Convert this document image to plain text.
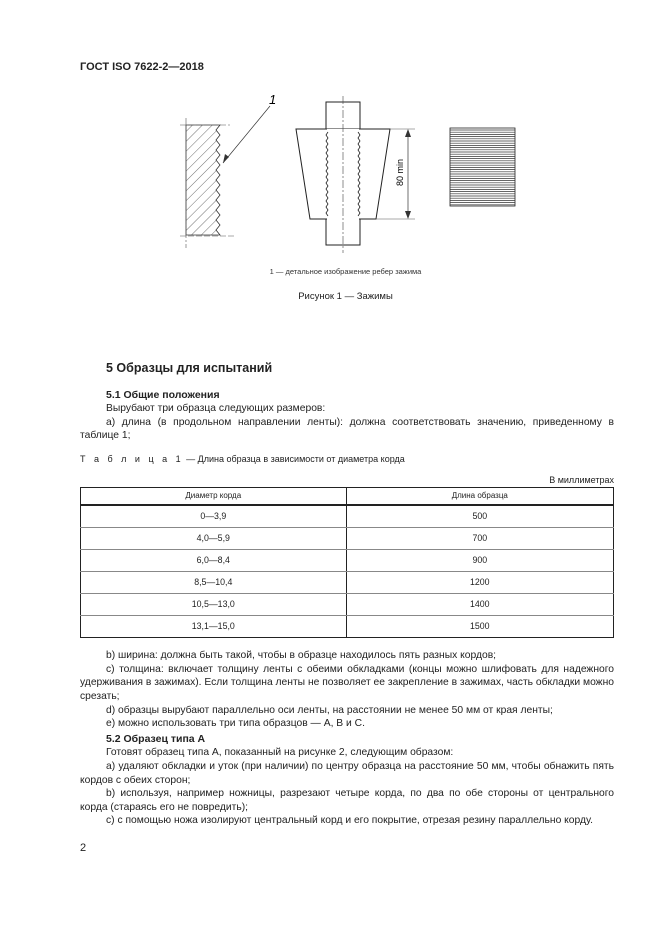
ГОСТ ISO 7622-2—2018
1
80 min
1 — детальное изображение ребер зажима
Рисунок 1 — Зажимы
5 Образцы для испытаний
5.1 Общие положения

Вырубают три образца следующих размеров:

а) длина (в продольном направлении ленты): должна соответствовать значению, приведенному в таблице 1;

Т а б л и ц а 1 — Длина образца в зависимости от диаметра корда
В миллиметрах
Диаметр корда	Длина образца
0—3,9	500
4,0—5,9	700
6,0—8,4	900
8,5—10,4	1200
10,5—13,0	1400
13,1—15,0	1500

b) ширина: должна быть такой, чтобы в образце находилось пять разных кордов;

с) толщина: включает толщину ленты с обеими обкладками (концы можно шлифовать для надежного удерживания в зажимах). Если толщина ленты не позволяет ее закрепление в зажимах, часть обкладки можно срезать;

d) образцы вырубают параллельно оси ленты, на расстоянии не менее 50 мм от края ленты;

е) можно использовать три типа образцов — А, В и С.

5.2 Образец типа А

Готовят образец типа А, показанный на рисунке 2, следующим образом:

а) удаляют обкладки и уток (при наличии) по центру образца на расстояние 50 мм, чтобы обнажить пять кордов с обеих сторон;

b) используя, например ножницы, разрезают четыре корда, по два по обе стороны от центрального корда (стараясь его не повредить);

с) с помощью ножа изолируют центральный корд и его покрытие, отрезая резину параллельно корду.

2
